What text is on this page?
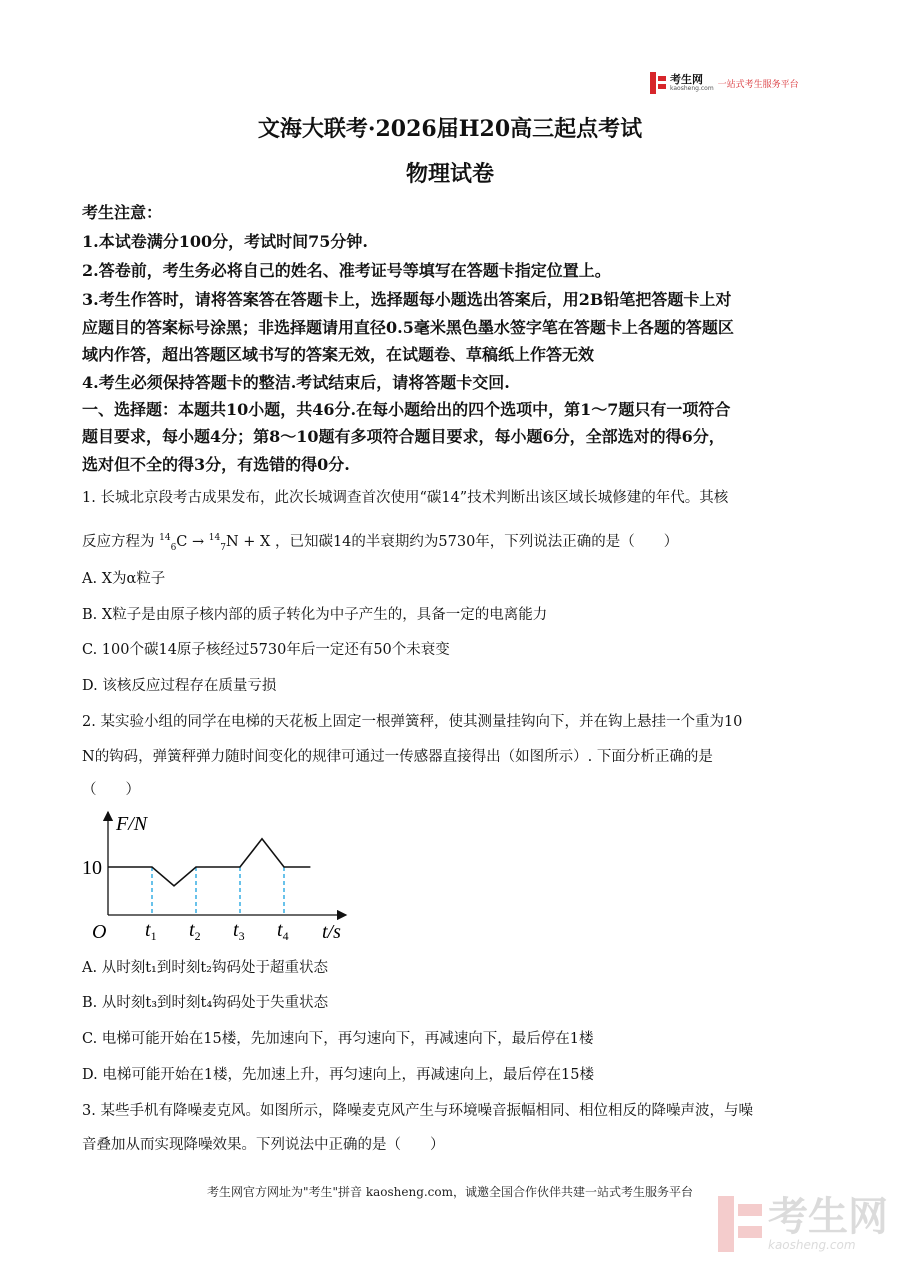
考生网
kaosheng.com 一站式考生服务平台
文海大联考·2026届H20高三起点考试
物理试卷
考生注意：
1.本试卷满分100分，考试时间75分钟.
2.答卷前，考生务必将自己的姓名、准考证号等填写在答题卡指定位置上。
3.考生作答时，请将答案答在答题卡上，选择题每小题选出答案后，用2B铅笔把答题卡上对
应题目的答案标号涂黑；非选择题请用直径0.5毫米黑色墨水签字笔在答题卡上各题的答题区
域内作答，超出答题区域书写的答案无效，在试题卷、草稿纸上作答无效
4.考生必须保持答题卡的整洁.考试结束后，请将答题卡交回.
一、选择题：本题共10小题，共46分.在每小题给出的四个选项中，第1～7题只有一项符合
题目要求，每小题4分；第8～10题有多项符合题目要求，每小题6分，全部选对的得6分，
选对但不全的得3分，有选错的得0分.
1. 长城北京段考古成果发布，此次长城调查首次使用“碳14”技术判断出该区域长城修建的年代。其核
反应方程为 $^{14}_6$C → $^{14}_7$N + X ，已知碳14的半衰期约为5730年，下列说法正确的是（　　）
A. X为α粒子
B. X粒子是由原子核内部的质子转化为中子产生的，具备一定的电离能力
C. 100个碳14原子核经过5730年后一定还有50个未衰变
D. 该核反应过程存在质量亏损
2. 某实验小组的同学在电梯的天花板上固定一根弹簧秤，使其测量挂钩向下，并在钩上悬挂一个重为10
N的钩码，弹簧秤弹力随时间变化的规律可通过一传感器直接得出（如图所示）. 下面分析正确的是
（　　）
F/N
t/s
O
10
$t_1$ $t_2$ $t_3$ $t_4$
A. 从时刻t₁到时刻t₂钩码处于超重状态
B. 从时刻t₃到时刻t₄钩码处于失重状态
C. 电梯可能开始在15楼，先加速向下，再匀速向下，再减速向下，最后停在1楼
D. 电梯可能开始在1楼，先加速上升，再匀速向上，再减速向上，最后停在15楼
3. 某些手机有降噪麦克风。如图所示，降噪麦克风产生与环境噪音振幅相同、相位相反的降噪声波，与噪
音叠加从而实现降噪效果。下列说法中正确的是（　　）
考生网官方网址为"考生"拼音 kaosheng.com，诚邀全国合作伙伴共建一站式考生服务平台
考生网
kaosheng.com
